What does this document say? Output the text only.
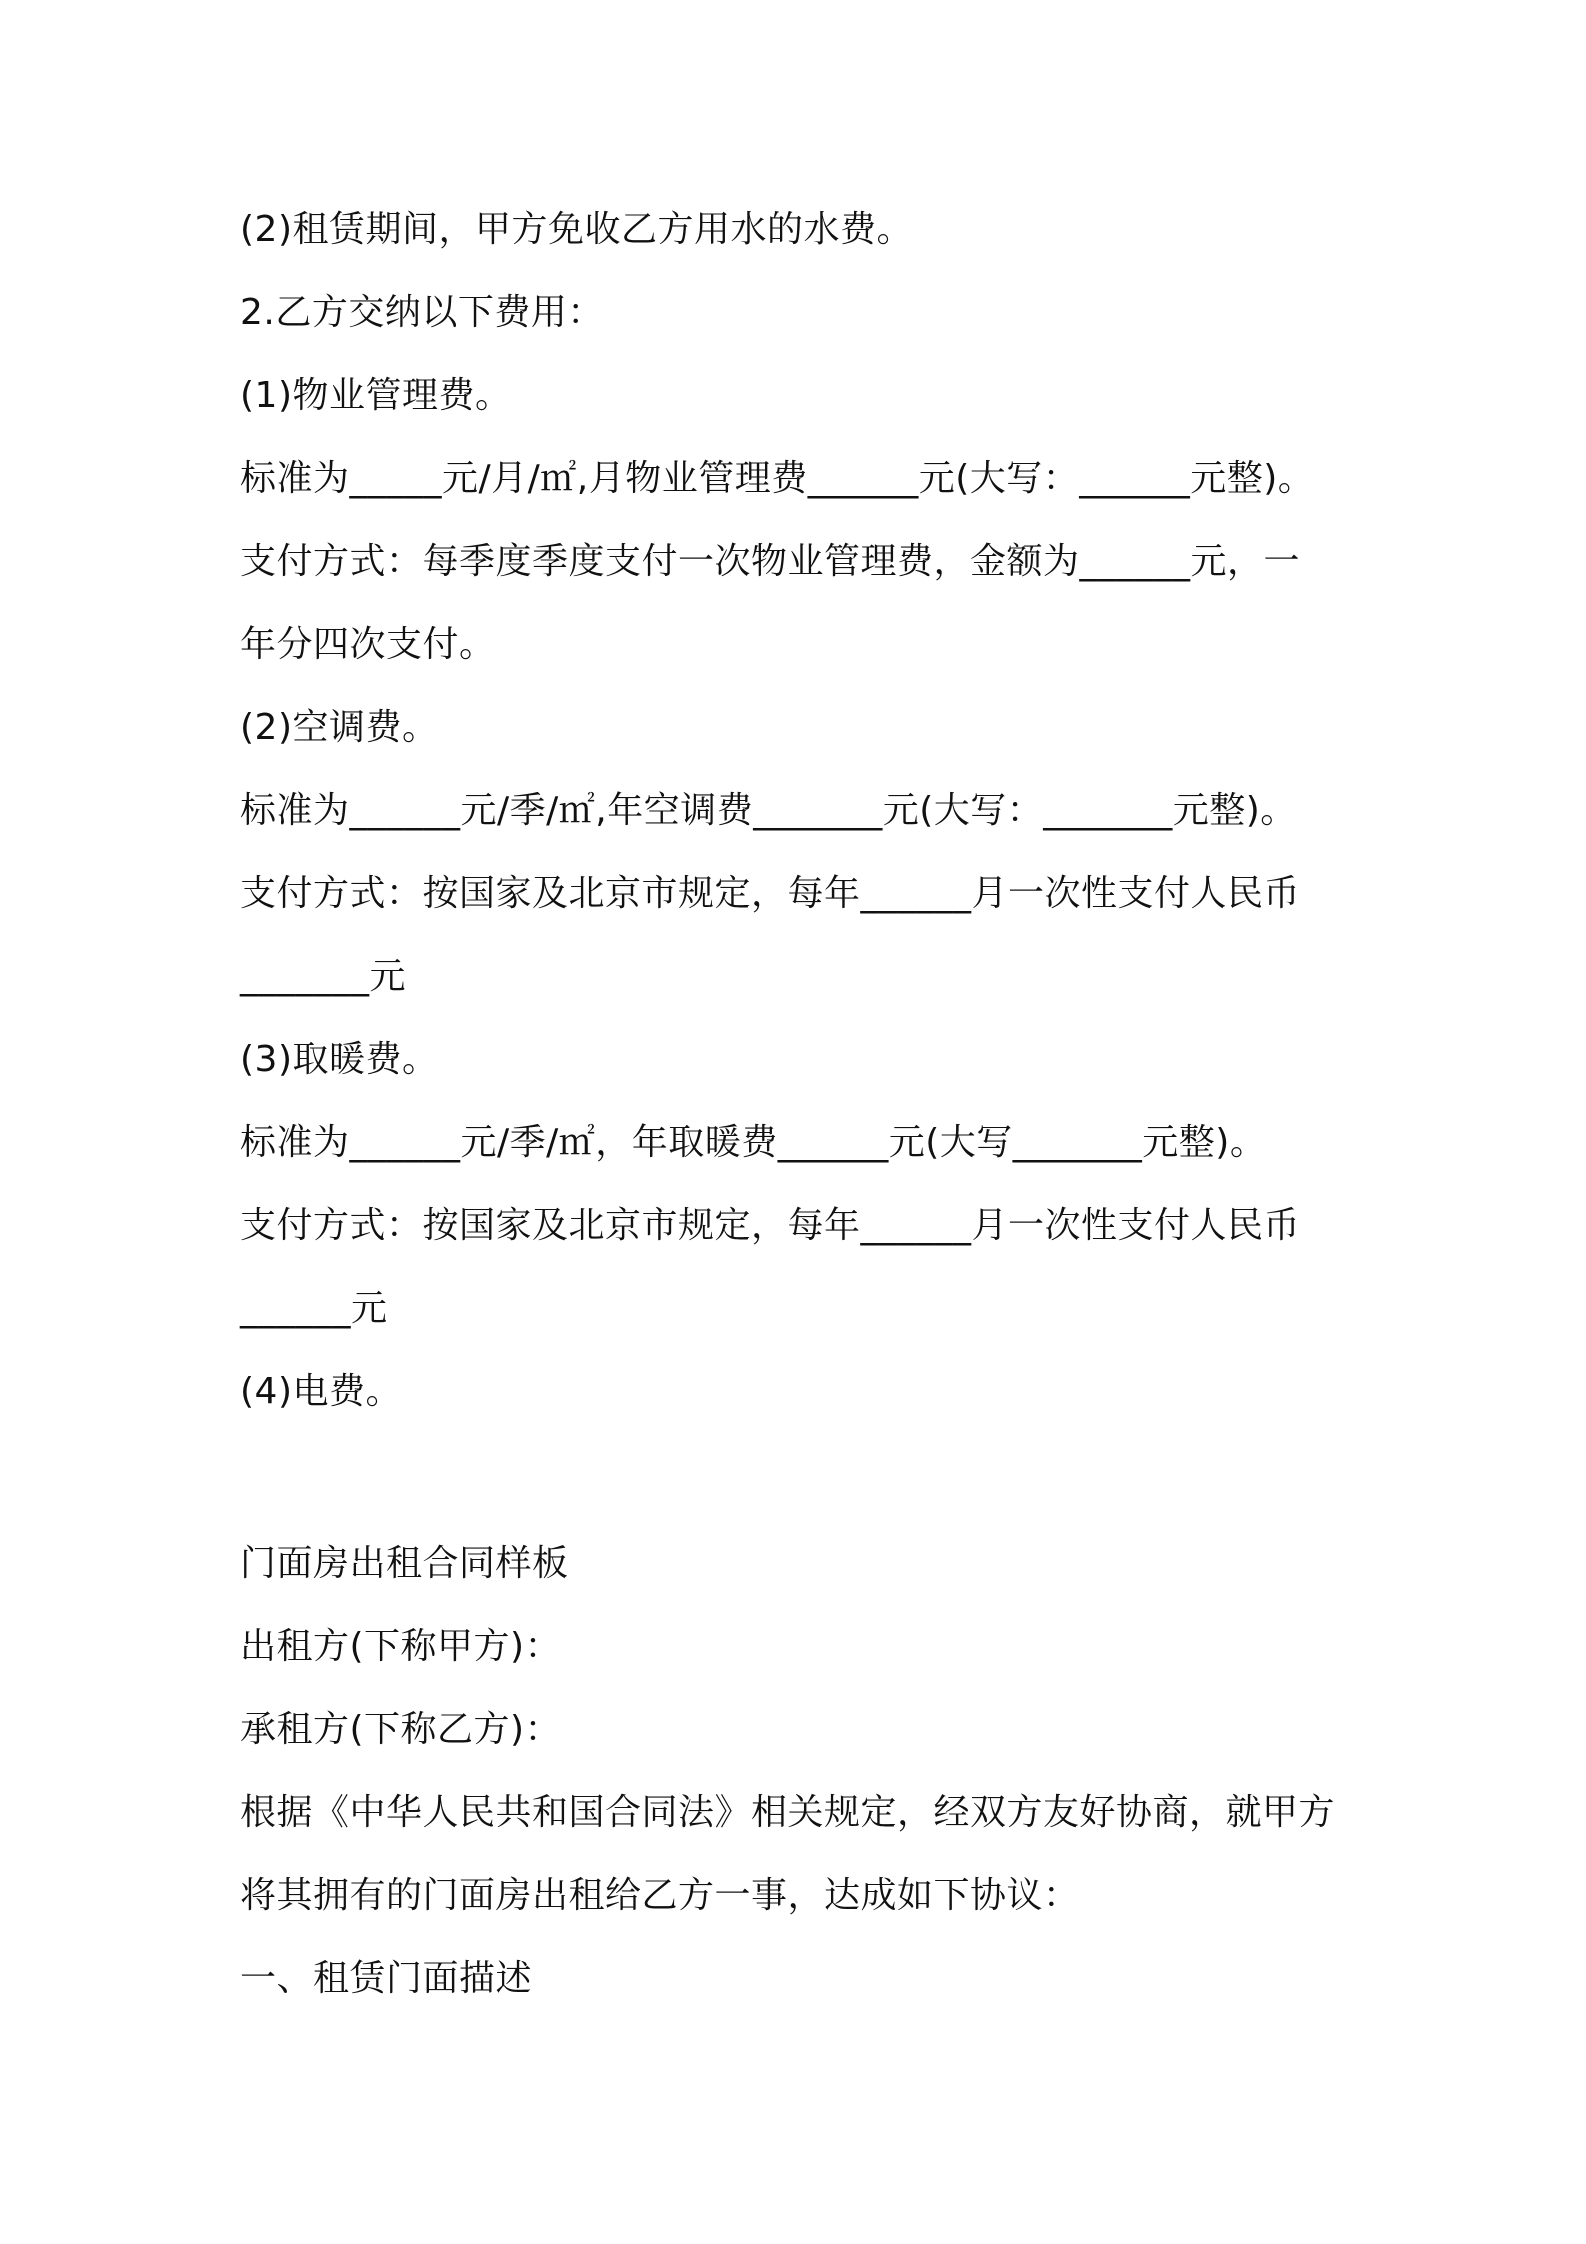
(2)租赁期间，甲方免收乙方用水的水费。
2.乙方交纳以下费用：
(1)物业管理费。
标准为_____元/月/㎡,月物业管理费______元(大写：______元整)。
支付方式：每季度季度支付一次物业管理费，金额为______元，一
年分四次支付。
(2)空调费。
标准为______元/季/㎡,年空调费_______元(大写：_______元整)。
支付方式：按国家及北京市规定，每年______月一次性支付人民币
_______元
(3)取暖费。
标准为______元/季/㎡，年取暖费______元(大写_______元整)。
支付方式：按国家及北京市规定，每年______月一次性支付人民币
______元
(4)电费。
门面房出租合同样板
出租方(下称甲方)：
承租方(下称乙方)：
根据《中华人民共和国合同法》相关规定，经双方友好协商，就甲方
将其拥有的门面房出租给乙方一事，达成如下协议：
一、租赁门面描述
